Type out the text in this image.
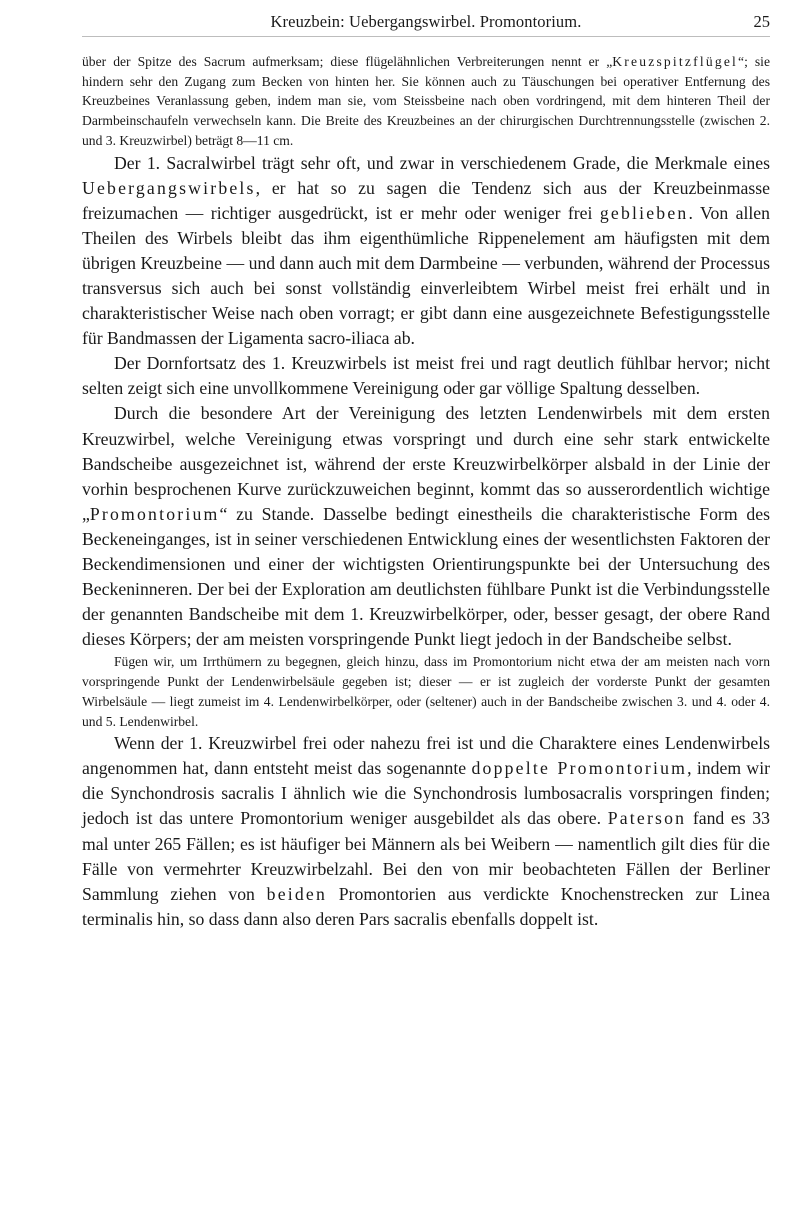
Kreuzbein: Uebergangswirbel. Promontorium.	25

über der Spitze des Sacrum aufmerksam; diese flügelähnlichen Verbreiterungen nennt er „Kreuzspitzflügel“; sie hindern sehr den Zugang zum Becken von hinten her. Sie können auch zu Täuschungen bei operativer Entfernung des Kreuzbeines Veranlassung geben, indem man sie, vom Steissbeine nach oben vordringend, mit dem hinteren Theil der Darmbeinschaufeln verwechseln kann. Die Breite des Kreuzbeines an der chirurgischen Durchtrennungsstelle (zwischen 2. und 3. Kreuzwirbel) beträgt 8—11 cm.

Der 1. Sacralwirbel trägt sehr oft, und zwar in verschiedenem Grade, die Merkmale eines Uebergangswirbels, er hat so zu sagen die Tendenz sich aus der Kreuzbeinmasse freizumachen — richtiger ausgedrückt, ist er mehr oder weniger frei geblieben. Von allen Theilen des Wirbels bleibt das ihm eigenthümliche Rippenelement am häufigsten mit dem übrigen Kreuzbeine — und dann auch mit dem Darmbeine — verbunden, während der Processus transversus sich auch bei sonst vollständig einverleibtem Wirbel meist frei erhält und in charakteristischer Weise nach oben vorragt; er gibt dann eine ausgezeichnete Befestigungsstelle für Bandmassen der Ligamenta sacro-iliaca ab.

Der Dornfortsatz des 1. Kreuzwirbels ist meist frei und ragt deutlich fühlbar hervor; nicht selten zeigt sich eine unvollkommene Vereinigung oder gar völlige Spaltung desselben.

Durch die besondere Art der Vereinigung des letzten Lendenwirbels mit dem ersten Kreuzwirbel, welche Vereinigung etwas vorspringt und durch eine sehr stark entwickelte Bandscheibe ausgezeichnet ist, während der erste Kreuzwirbelkörper alsbald in der Linie der vorhin besprochenen Kurve zurückzuweichen beginnt, kommt das so ausserordentlich wichtige „Promontorium“ zu Stande. Dasselbe bedingt einestheils die charakteristische Form des Beckeneinganges, ist in seiner verschiedenen Entwicklung eines der wesentlichsten Faktoren der Beckendimensionen und einer der wichtigsten Orientirungspunkte bei der Untersuchung des Beckeninneren. Der bei der Exploration am deutlichsten fühlbare Punkt ist die Verbindungsstelle der genannten Bandscheibe mit dem 1. Kreuzwirbelkörper, oder, besser gesagt, der obere Rand dieses Körpers; der am meisten vorspringende Punkt liegt jedoch in der Bandscheibe selbst.

Fügen wir, um Irrthümern zu begegnen, gleich hinzu, dass im Promontorium nicht etwa der am meisten nach vorn vorspringende Punkt der Lendenwirbelsäule gegeben ist; dieser — er ist zugleich der vorderste Punkt der gesamten Wirbelsäule — liegt zumeist im 4. Lendenwirbelkörper, oder (seltener) auch in der Bandscheibe zwischen 3. und 4. oder 4. und 5. Lendenwirbel.

Wenn der 1. Kreuzwirbel frei oder nahezu frei ist und die Charaktere eines Lendenwirbels angenommen hat, dann entsteht meist das sogenannte doppelte Promontorium, indem wir die Synchondrosis sacralis I ähnlich wie die Synchondrosis lumbosacralis vorspringen finden; jedoch ist das untere Promontorium weniger ausgebildet als das obere. Paterson fand es 33 mal unter 265 Fällen; es ist häufiger bei Männern als bei Weibern — namentlich gilt dies für die Fälle von vermehrter Kreuzwirbelzahl. Bei den von mir beobachteten Fällen der Berliner Sammlung ziehen von beiden Promontorien aus verdickte Knochenstrecken zur Linea terminalis hin, so dass dann also deren Pars sacralis ebenfalls doppelt ist.
